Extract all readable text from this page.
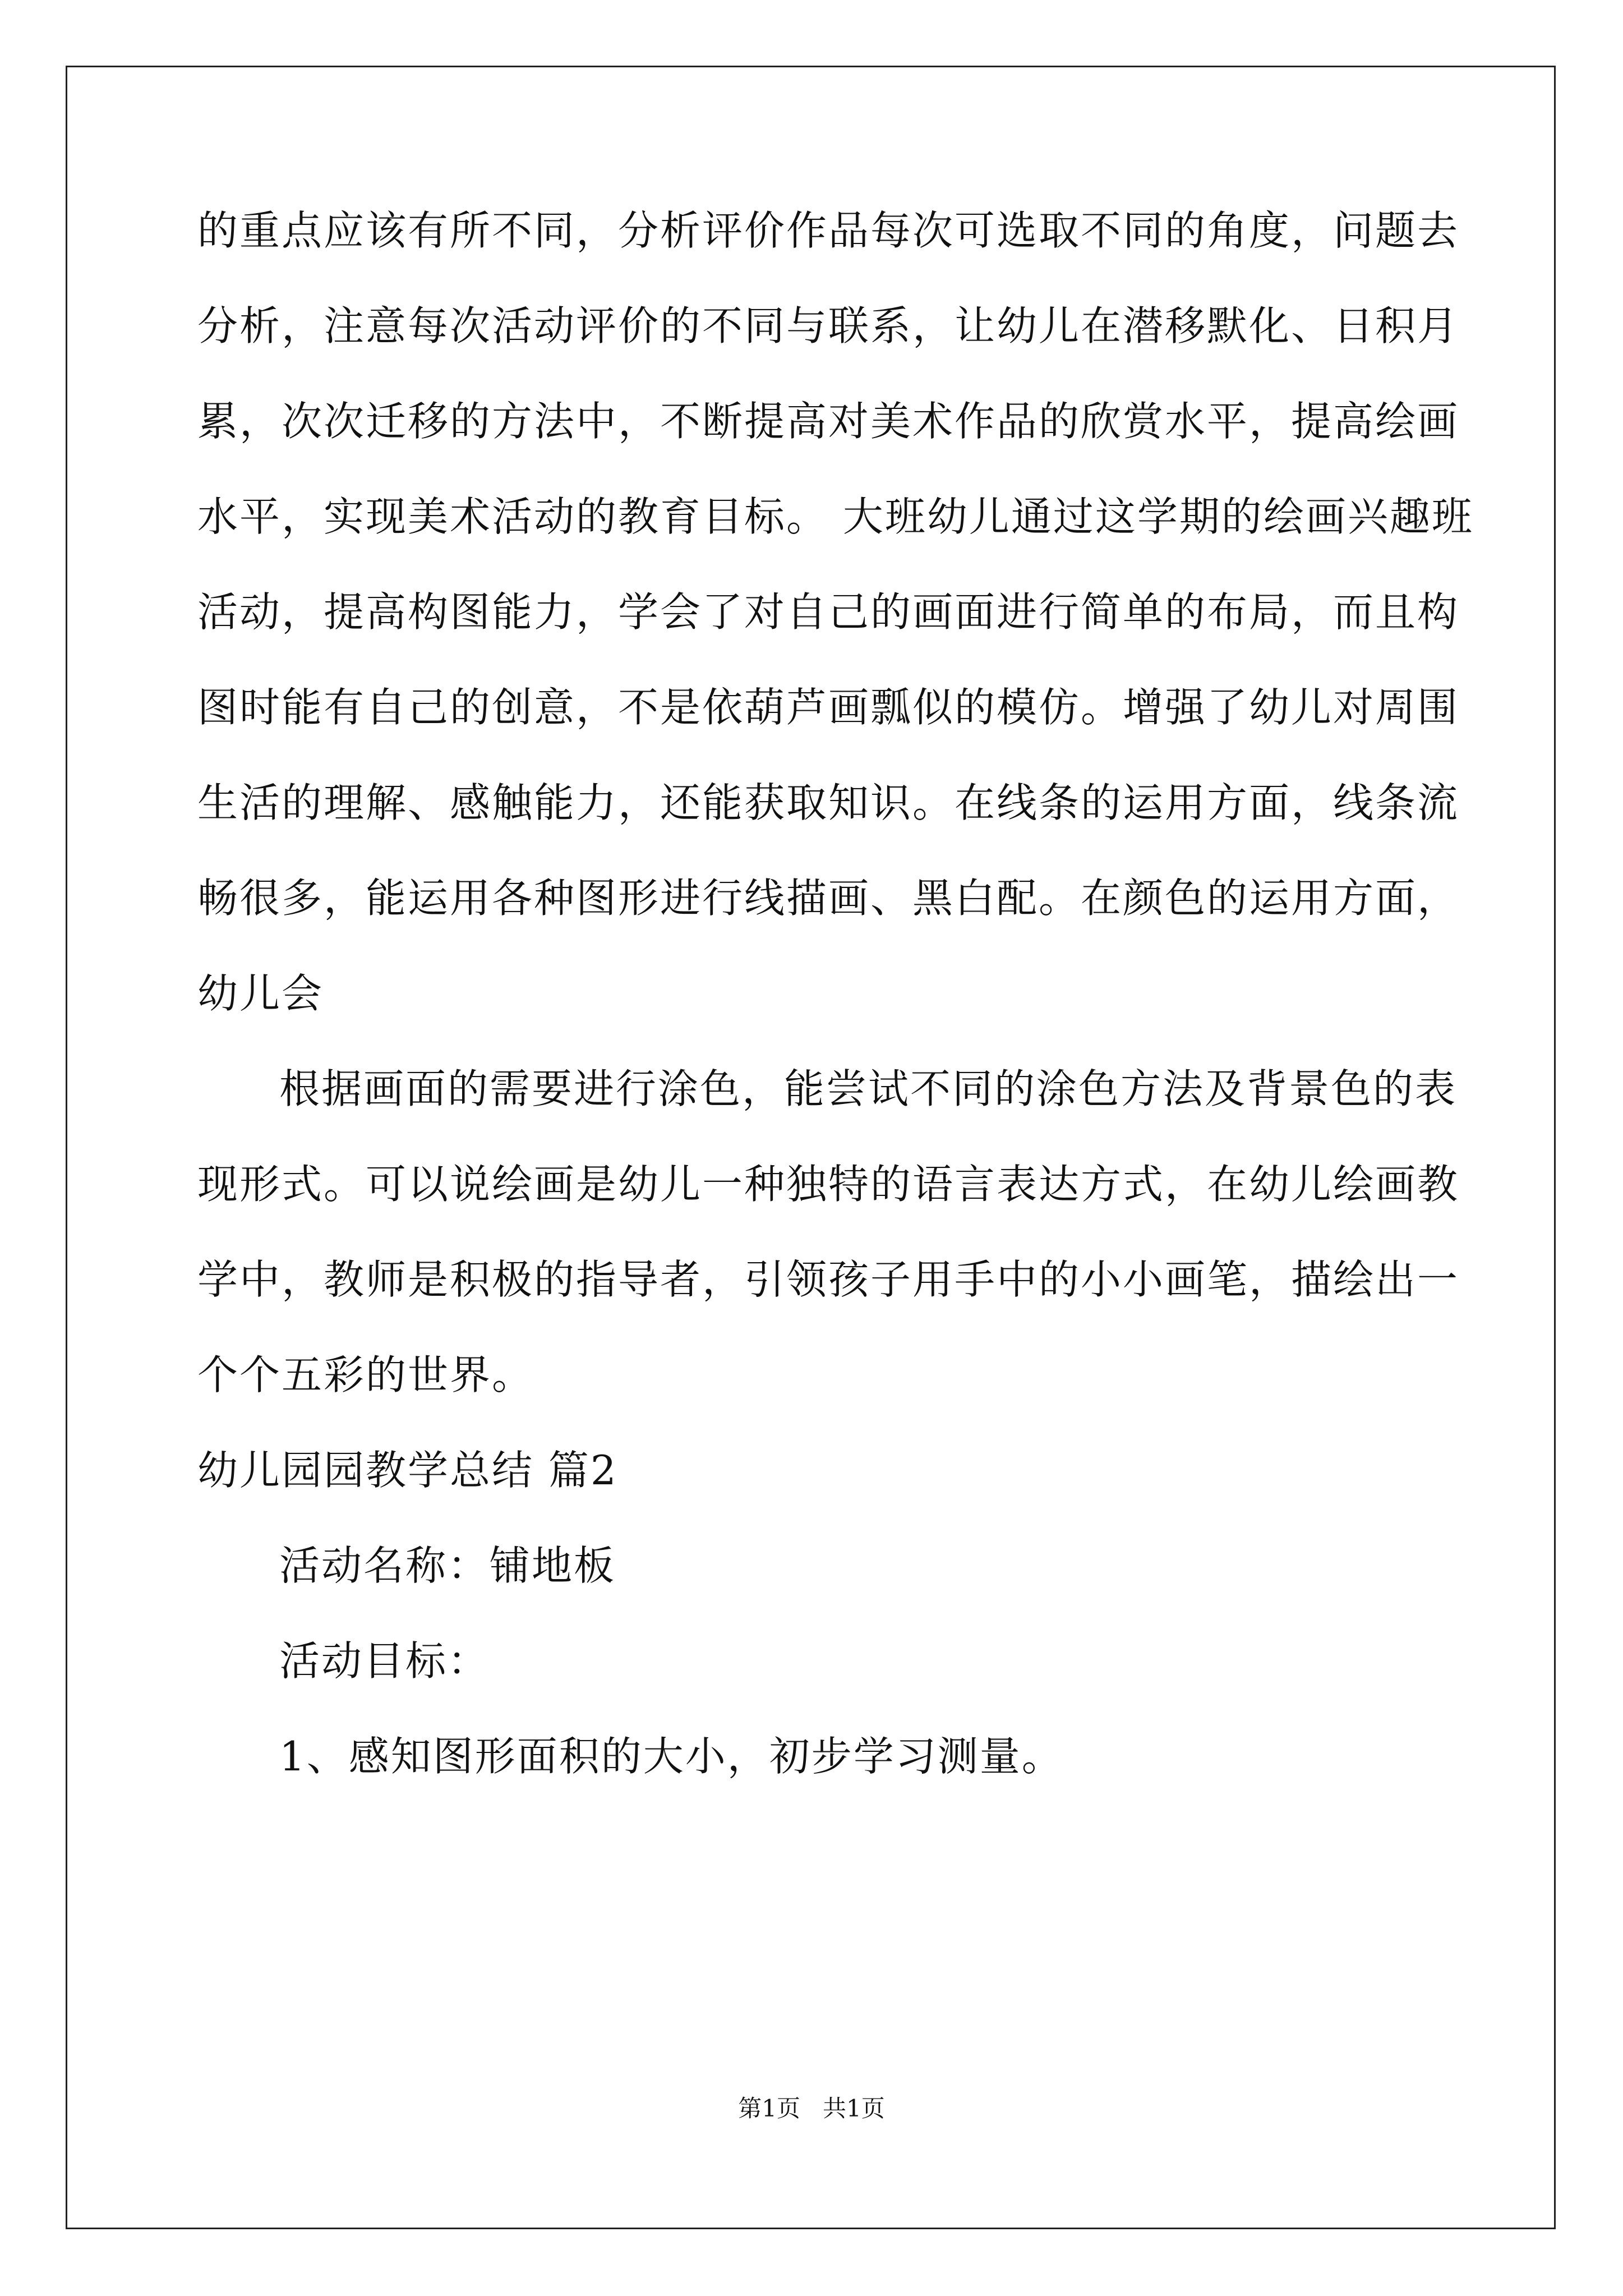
的重点应该有所不同，分析评价作品每次可选取不同的角度，问题去
分析，注意每次活动评价的不同与联系，让幼儿在潜移默化、日积月
累，次次迁移的方法中，不断提高对美术作品的欣赏水平，提高绘画
水平，实现美术活动的教育目标。 大班幼儿通过这学期的绘画兴趣班
活动，提高构图能力，学会了对自己的画面进行简单的布局，而且构
图时能有自己的创意，不是依葫芦画瓢似的模仿。增强了幼儿对周围
生活的理解、感触能力，还能获取知识。在线条的运用方面，线条流
畅很多，能运用各种图形进行线描画、黑白配。在颜色的运用方面，
幼儿会
根据画面的需要进行涂色，能尝试不同的涂色方法及背景色的表
现形式。可以说绘画是幼儿一种独特的语言表达方式，在幼儿绘画教
学中，教师是积极的指导者，引领孩子用手中的小小画笔，描绘出一
个个五彩的世界。
幼儿园园教学总结 篇2
活动名称：铺地板
活动目标：
1、感知图形面积的大小，初步学习测量。
第1页 共1页
